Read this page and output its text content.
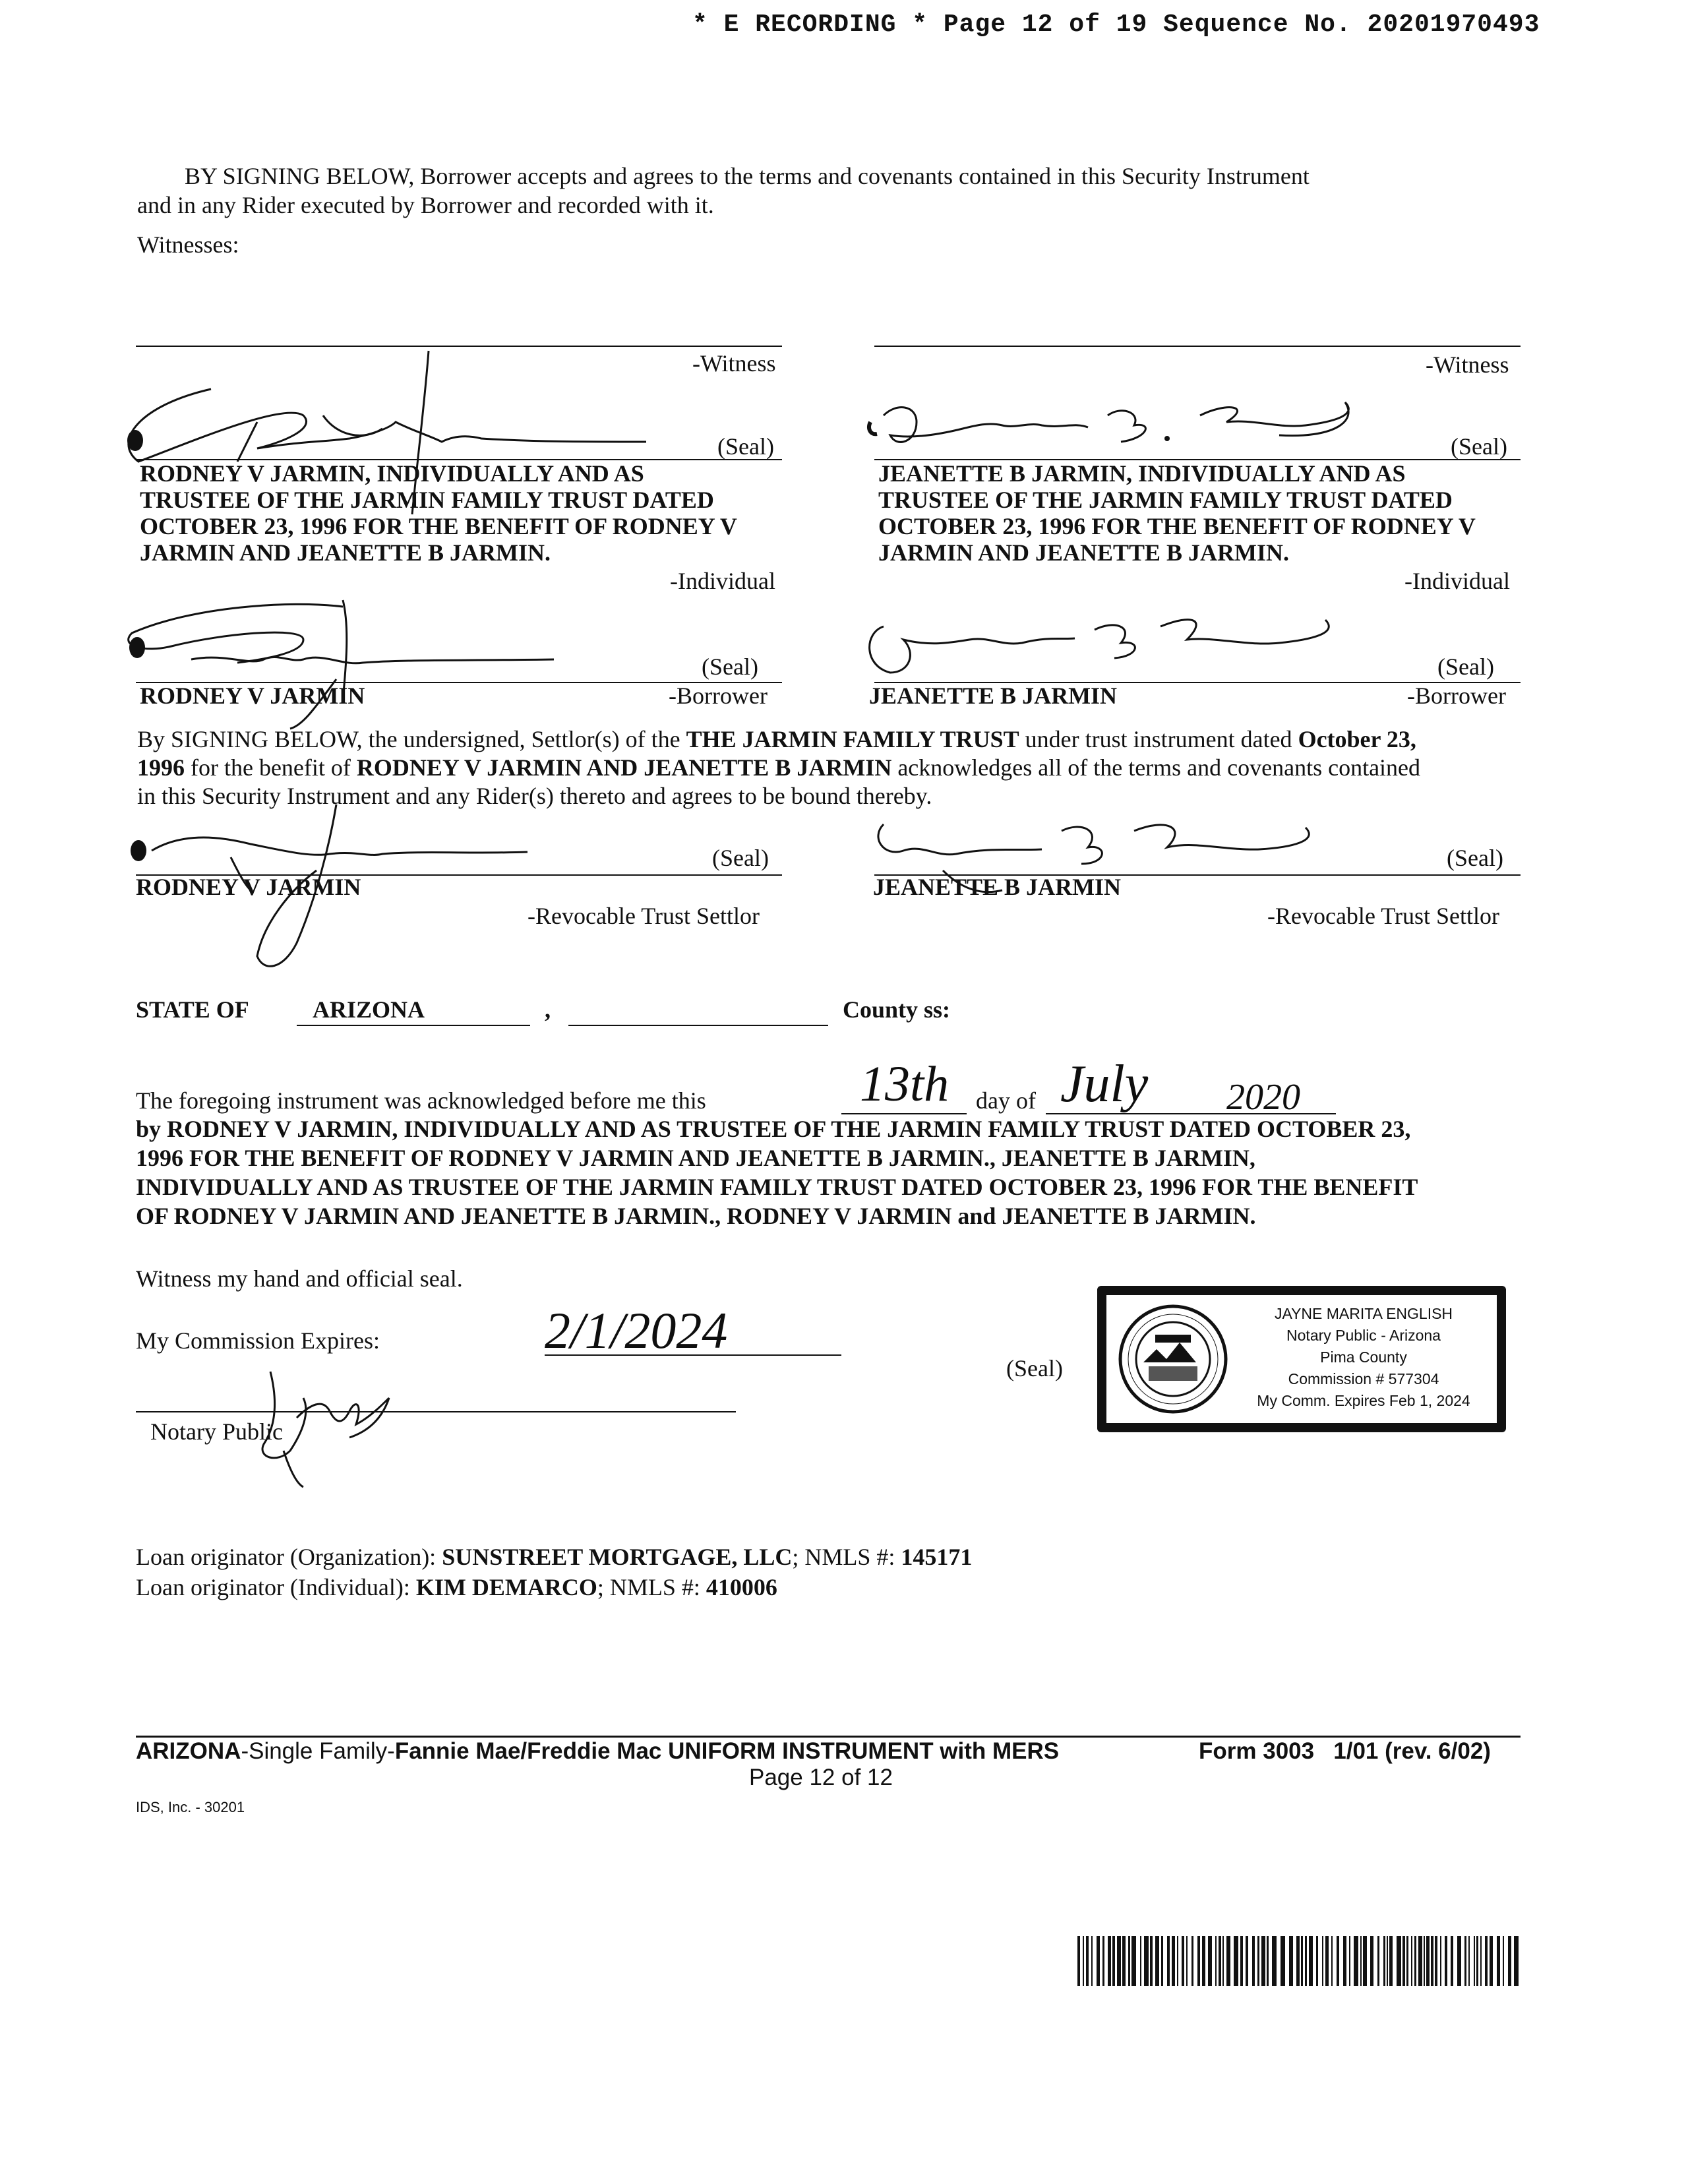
* E RECORDING * Page 12 of 19 Sequence No. 20201970493
BY SIGNING BELOW, Borrower accepts and agrees to the terms and covenants contained in this Security Instrument
and in any Rider executed by Borrower and recorded with it.
Witnesses:
-Witness	-Witness
(Seal)	(Seal)
RODNEY V JARMIN, INDIVIDUALLY AND AS
TRUSTEE OF THE JARMIN FAMILY TRUST DATED
OCTOBER 23, 1996 FOR THE BENEFIT OF RODNEY V
JARMIN AND JEANETTE B JARMIN.
-Individual
JEANETTE B JARMIN, INDIVIDUALLY AND AS
TRUSTEE OF THE JARMIN FAMILY TRUST DATED
OCTOBER 23, 1996 FOR THE BENEFIT OF RODNEY V
JARMIN AND JEANETTE B JARMIN.
-Individual
(Seal)
RODNEY V JARMIN	-Borrower
(Seal)
JEANETTE B JARMIN	-Borrower
By SIGNING BELOW, the undersigned, Settlor(s) of the THE JARMIN FAMILY TRUST under trust instrument dated October 23,
1996 for the benefit of RODNEY V JARMIN AND JEANETTE B JARMIN acknowledges all of the terms and covenants contained
in this Security Instrument and any Rider(s) thereto and agrees to be bound thereby.
(Seal)
RODNEY V JARMIN
-Revocable Trust Settlor
(Seal)
JEANETTE B JARMIN
-Revocable Trust Settlor
STATE OF	ARIZONA	,	County ss:
The foregoing instrument was acknowledged before me this	day of
13th July 2020
by RODNEY V JARMIN, INDIVIDUALLY AND AS TRUSTEE OF THE JARMIN FAMILY TRUST DATED OCTOBER 23,
1996 FOR THE BENEFIT OF RODNEY V JARMIN AND JEANETTE B JARMIN., JEANETTE B JARMIN,
INDIVIDUALLY AND AS TRUSTEE OF THE JARMIN FAMILY TRUST DATED OCTOBER 23, 1996 FOR THE BENEFIT
OF RODNEY V JARMIN AND JEANETTE B JARMIN., RODNEY V JARMIN and JEANETTE B JARMIN.
Witness my hand and official seal.
My Commission Expires:	2/1/2024
Notary Public
(Seal)
JAYNE MARITA ENGLISH
Notary Public - Arizona
Pima County
Commission # 577304
My Comm. Expires Feb 1, 2024
Loan originator (Organization): SUNSTREET MORTGAGE, LLC; NMLS #: 145171
Loan originator (Individual): KIM DEMARCO; NMLS #: 410006
ARIZONA-Single Family-Fannie Mae/Freddie Mac UNIFORM INSTRUMENT with MERS	Form 3003   1/01 (rev. 6/02)
Page 12 of 12
IDS, Inc. - 30201
